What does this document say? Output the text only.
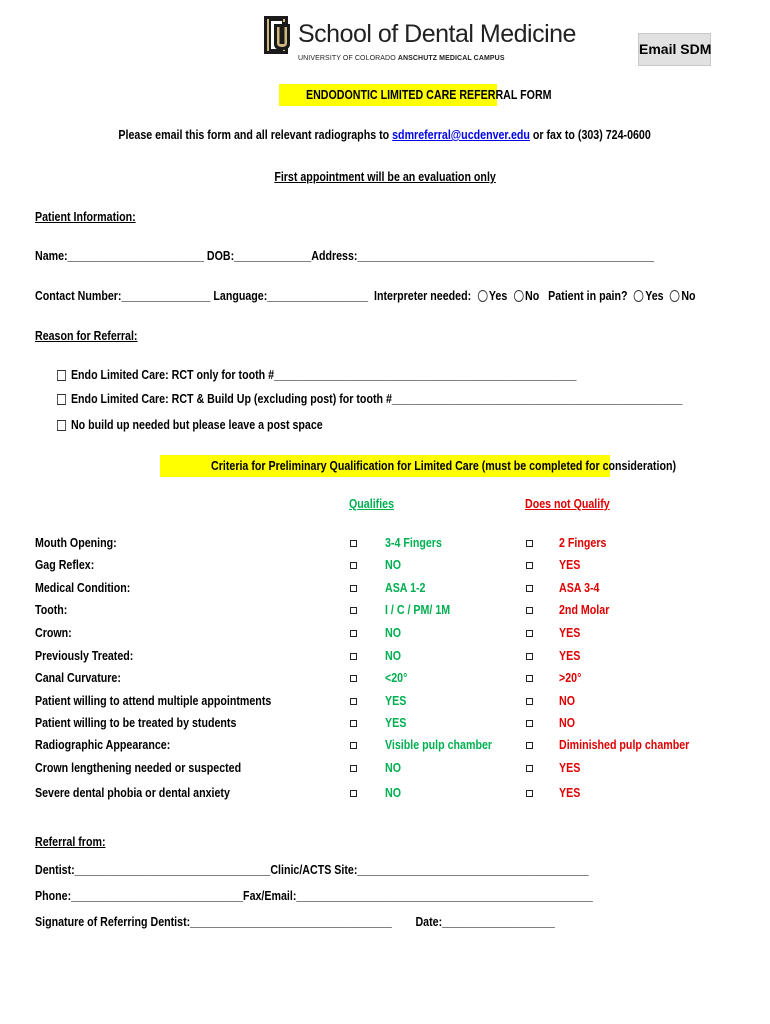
School of Dental Medicine
UNIVERSITY OF COLORADO ANSCHUTZ MEDICAL CAMPUS
Email SDM
ENDODONTIC LIMITED CARE REFERRAL FORM
Please email this form and all relevant radiographs to sdmreferral@ucdenver.edu or fax to (303) 724-0600
First appointment will be an evaluation only
Patient Information:
Name:_______________________ DOB:_____________Address:__________________________________________________
Contact Number:_______________ Language:_________________ Interpreter needed: Yes No Patient in pain? Yes No
Reason for Referral:
Endo Limited Care: RCT only for tooth #___________________________________________________
Endo Limited Care: RCT & Build Up (excluding post) for tooth #_________________________________________________
No build up needed but please leave a post space
Criteria for Preliminary Qualification for Limited Care (must be completed for consideration)
Qualifies	Does not Qualify
Mouth Opening:	3-4 Fingers	2 Fingers
Gag Reflex:	NO	YES
Medical Condition:	ASA 1-2	ASA 3-4
Tooth:	I / C / PM/ 1M	2nd Molar
Crown:	NO	YES
Previously Treated:	NO	YES
Canal Curvature:	<20°	>20°
Patient willing to attend multiple appointments	YES	NO
Patient willing to be treated by students	YES	NO
Radiographic Appearance:	Visible pulp chamber	Diminished pulp chamber
Crown lengthening needed or suspected	NO	YES
Severe dental phobia or dental anxiety	NO	YES
Referral from:
Dentist:_________________________________Clinic/ACTS Site:_______________________________________
Phone:_____________________________Fax/Email:__________________________________________________
Signature of Referring Dentist:__________________________________ Date:___________________
